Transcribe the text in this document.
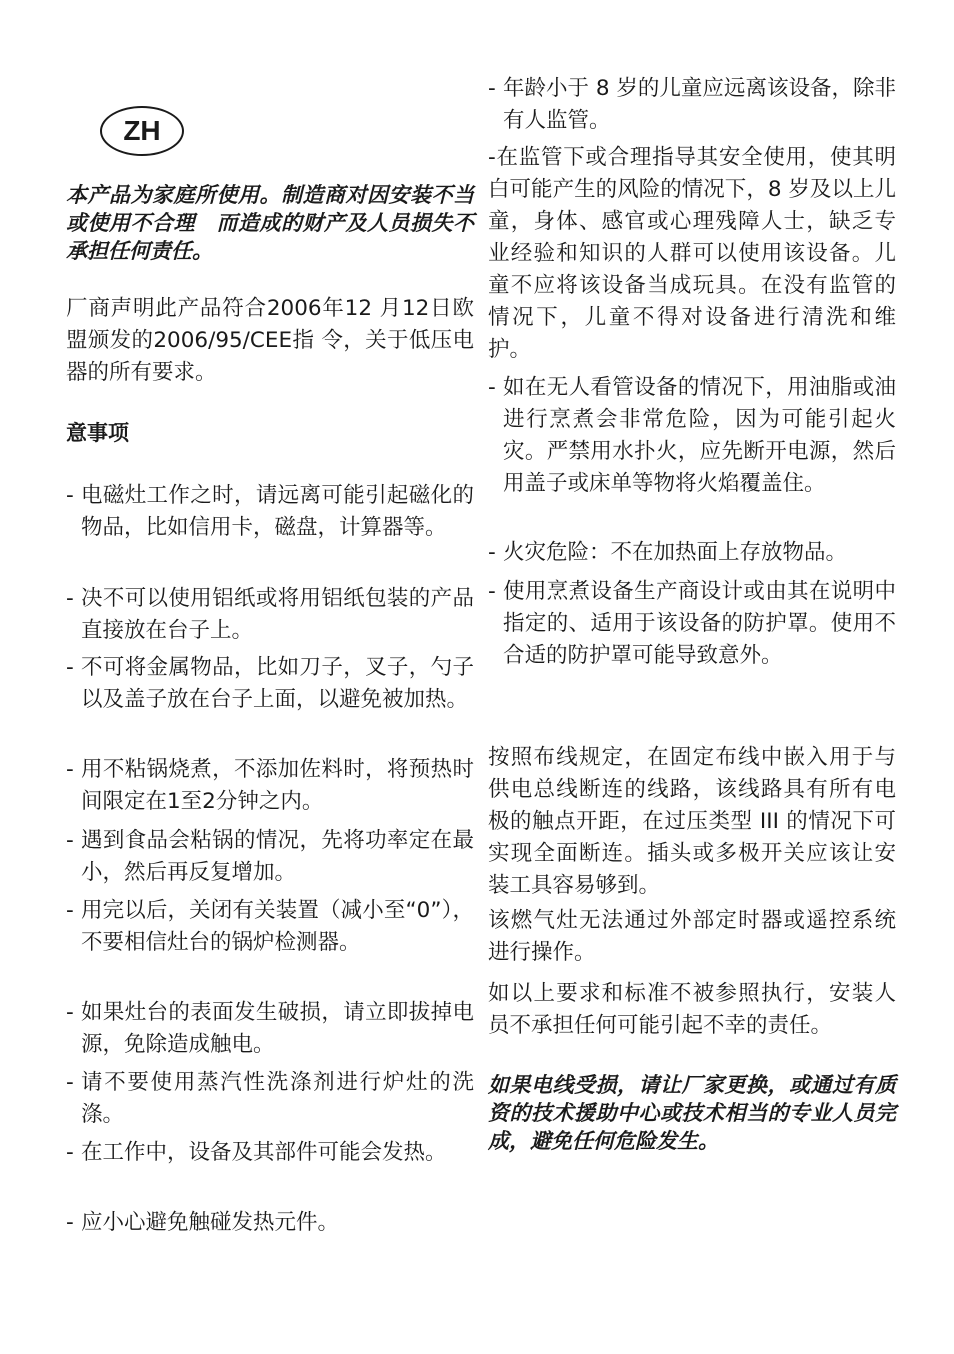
ZH

本产品为家庭所使用。制造商对因安装不当或使用不合理　而造成的财产及人员损失不承担任何责任。

厂商声明此产品符合2006年12 月12日欧盟颁发的2006/95/CEE指 令，关于低压电器的所有要求。

意事项

- 电磁灶工作之时，请远离可能引起磁化的物品，比如信用卡，磁盘，计算器等。
- 决不可以使用铝纸或将用铝纸包装的产品直接放在台子上。
- 不可将金属物品，比如刀子，叉子，勺子以及盖子放在台子上面，以避免被加热。
- 用不粘锅烧煮，不添加佐料时，将预热时间限定在1至2分钟之内。
- 遇到食品会粘锅的情况，先将功率定在最小，然后再反复增加。
- 用完以后，关闭有关装置（减小至“0”），不要相信灶台的锅炉检测器。
- 如果灶台的表面发生破损，请立即拔掉电源，免除造成触电。
- 请不要使用蒸汽性洗涤剂进行炉灶的洗涤。
- 在工作中，设备及其部件可能会发热。
- 应小心避免触碰发热元件。
- 年龄小于 8 岁的儿童应远离该设备，除非有人监管。

-在监管下或合理指导其安全使用，使其明白可能产生的风险的情况下，8 岁及以上儿童，身体、感官或心理残障人士，缺乏专业经验和知识的人群可以使用该设备。儿童不应将该设备当成玩具。在没有监管的情况下，儿童不得对设备进行清洗和维护。

- 如在无人看管设备的情况下，用油脂或油进行烹煮会非常危险，因为可能引起火灾。严禁用水扑火，应先断开电源，然后用盖子或床单等物将火焰覆盖住。
- 火灾危险：不在加热面上存放物品。
- 使用烹煮设备生产商设计或由其在说明中指定的、适用于该设备的防护罩。使用不合适的防护罩可能导致意外。

按照布线规定，在固定布线中嵌入用于与供电总线断连的线路，该线路具有所有电极的触点开距，在过压类型 III 的情况下可实现全面断连。插头或多极开关应该让安装工具容易够到。

该燃气灶无法通过外部定时器或遥控系统进行操作。

如以上要求和标准不被参照执行，安装人员不承担任何可能引起不幸的责任。

如果电线受损，请让厂家更换，或通过有质资的技术援助中心或技术相当的专业人员完成，避免任何危险发生。
